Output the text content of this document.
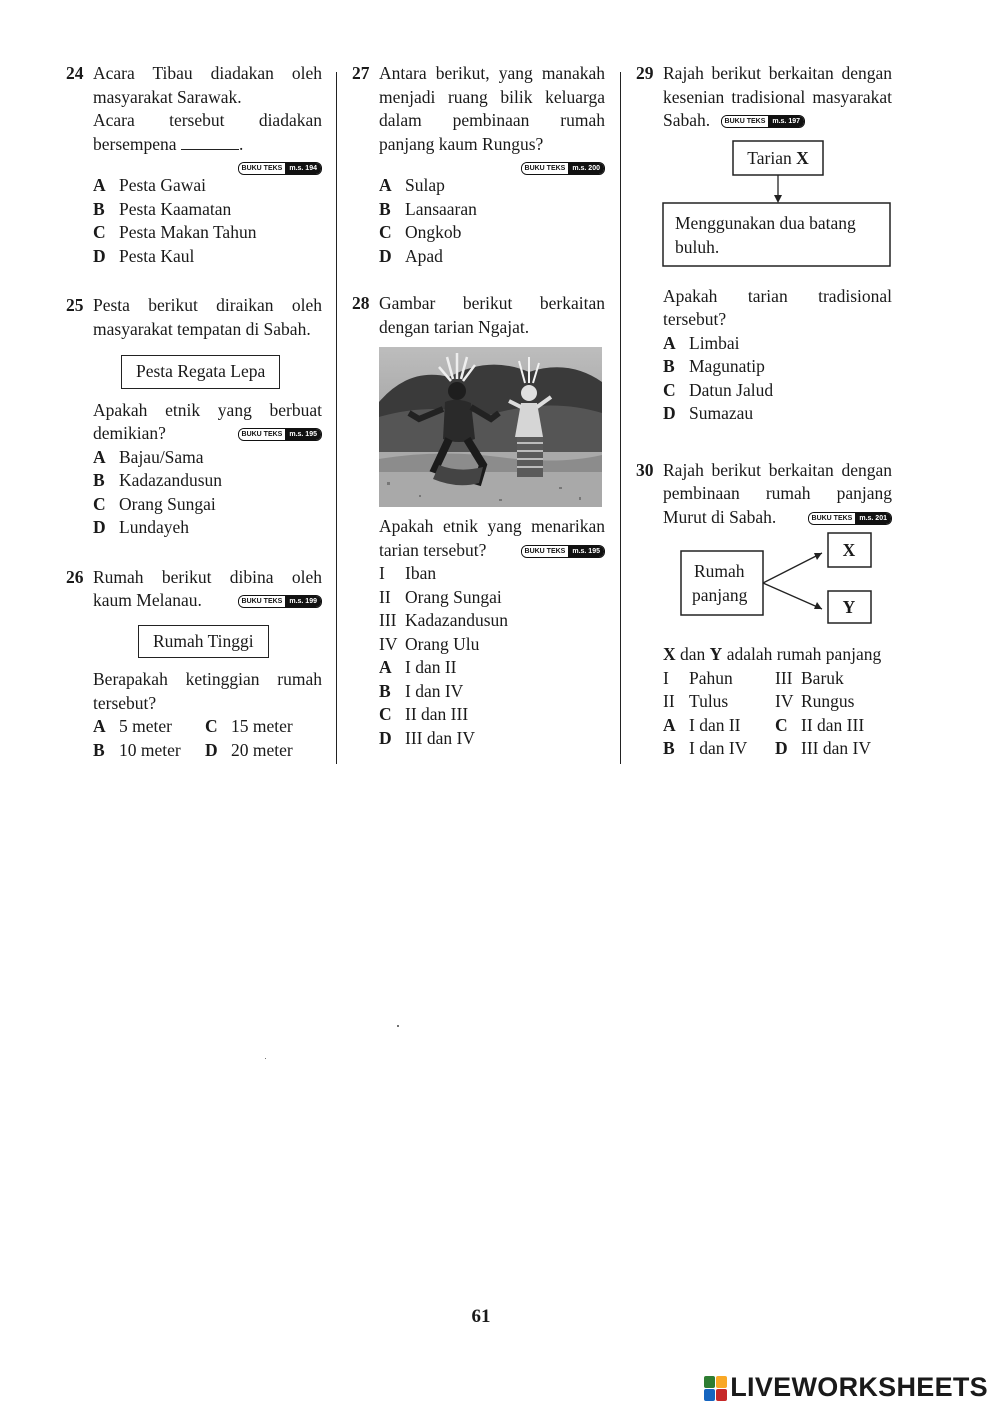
24 Acara Tibau diadakan oleh masyarakat Sarawak.
Acara tersebut diadakan bersempena	.
BUKU TEKS	m.s. 194
A Pesta Gawai
B Pesta Kaamatan
C Pesta Makan Tahun
D Pesta Kaul
25 Pesta berikut diraikan oleh masyarakat tempatan di Sabah.
Pesta Regata Lepa
Apakah etnik yang berbuat demikian?	BUKU TEKS	m.s. 195
A Bajau/Sama
B Kadazandusun
C Orang Sungai
D Lundayeh
26 Rumah berikut dibina oleh kaum Melanau.	BUKU TEKS	m.s. 199
Rumah Tinggi
Berapakah ketinggian rumah tersebut?
A 5 meter C 15 meter
B 10 meter D 20 meter
27 Antara berikut, yang manakah menjadi ruang bilik keluarga dalam pembinaan rumah panjang kaum Rungus?
BUKU TEKS	m.s. 200
A Sulap
B Lansaaran
C Ongkob
D Apad
28 Gambar berikut berkaitan dengan tarian Ngajat.
Apakah etnik yang menarikan tarian tersebut?	BUKU TEKS	m.s. 195
I	Iban
II Orang Sungai
III Kadazandusun
IV Orang Ulu
A I dan II
B I dan IV
C II dan III
D III dan IV
29 Rajah berikut berkaitan dengan kesenian tradisional masyarakat Sabah.	BUKU TEKS	m.s. 197
Tarian X
Menggunakan dua batang
buluh.
Apakah tarian tradisional tersebut?
A Limbai
B Magunatip
C Datun Jalud
D Sumazau
30 Rajah berikut berkaitan dengan pembinaan rumah panjang Murut di Sabah.	BUKU TEKS	m.s. 201
Rumah
panjang
X
Y
X dan Y adalah rumah panjang
I	Pahun III Baruk
II Tulus	IV Rungus
A I dan II C II dan III
B I dan IV D III dan IV
61
LIVEWORKSHEETS
